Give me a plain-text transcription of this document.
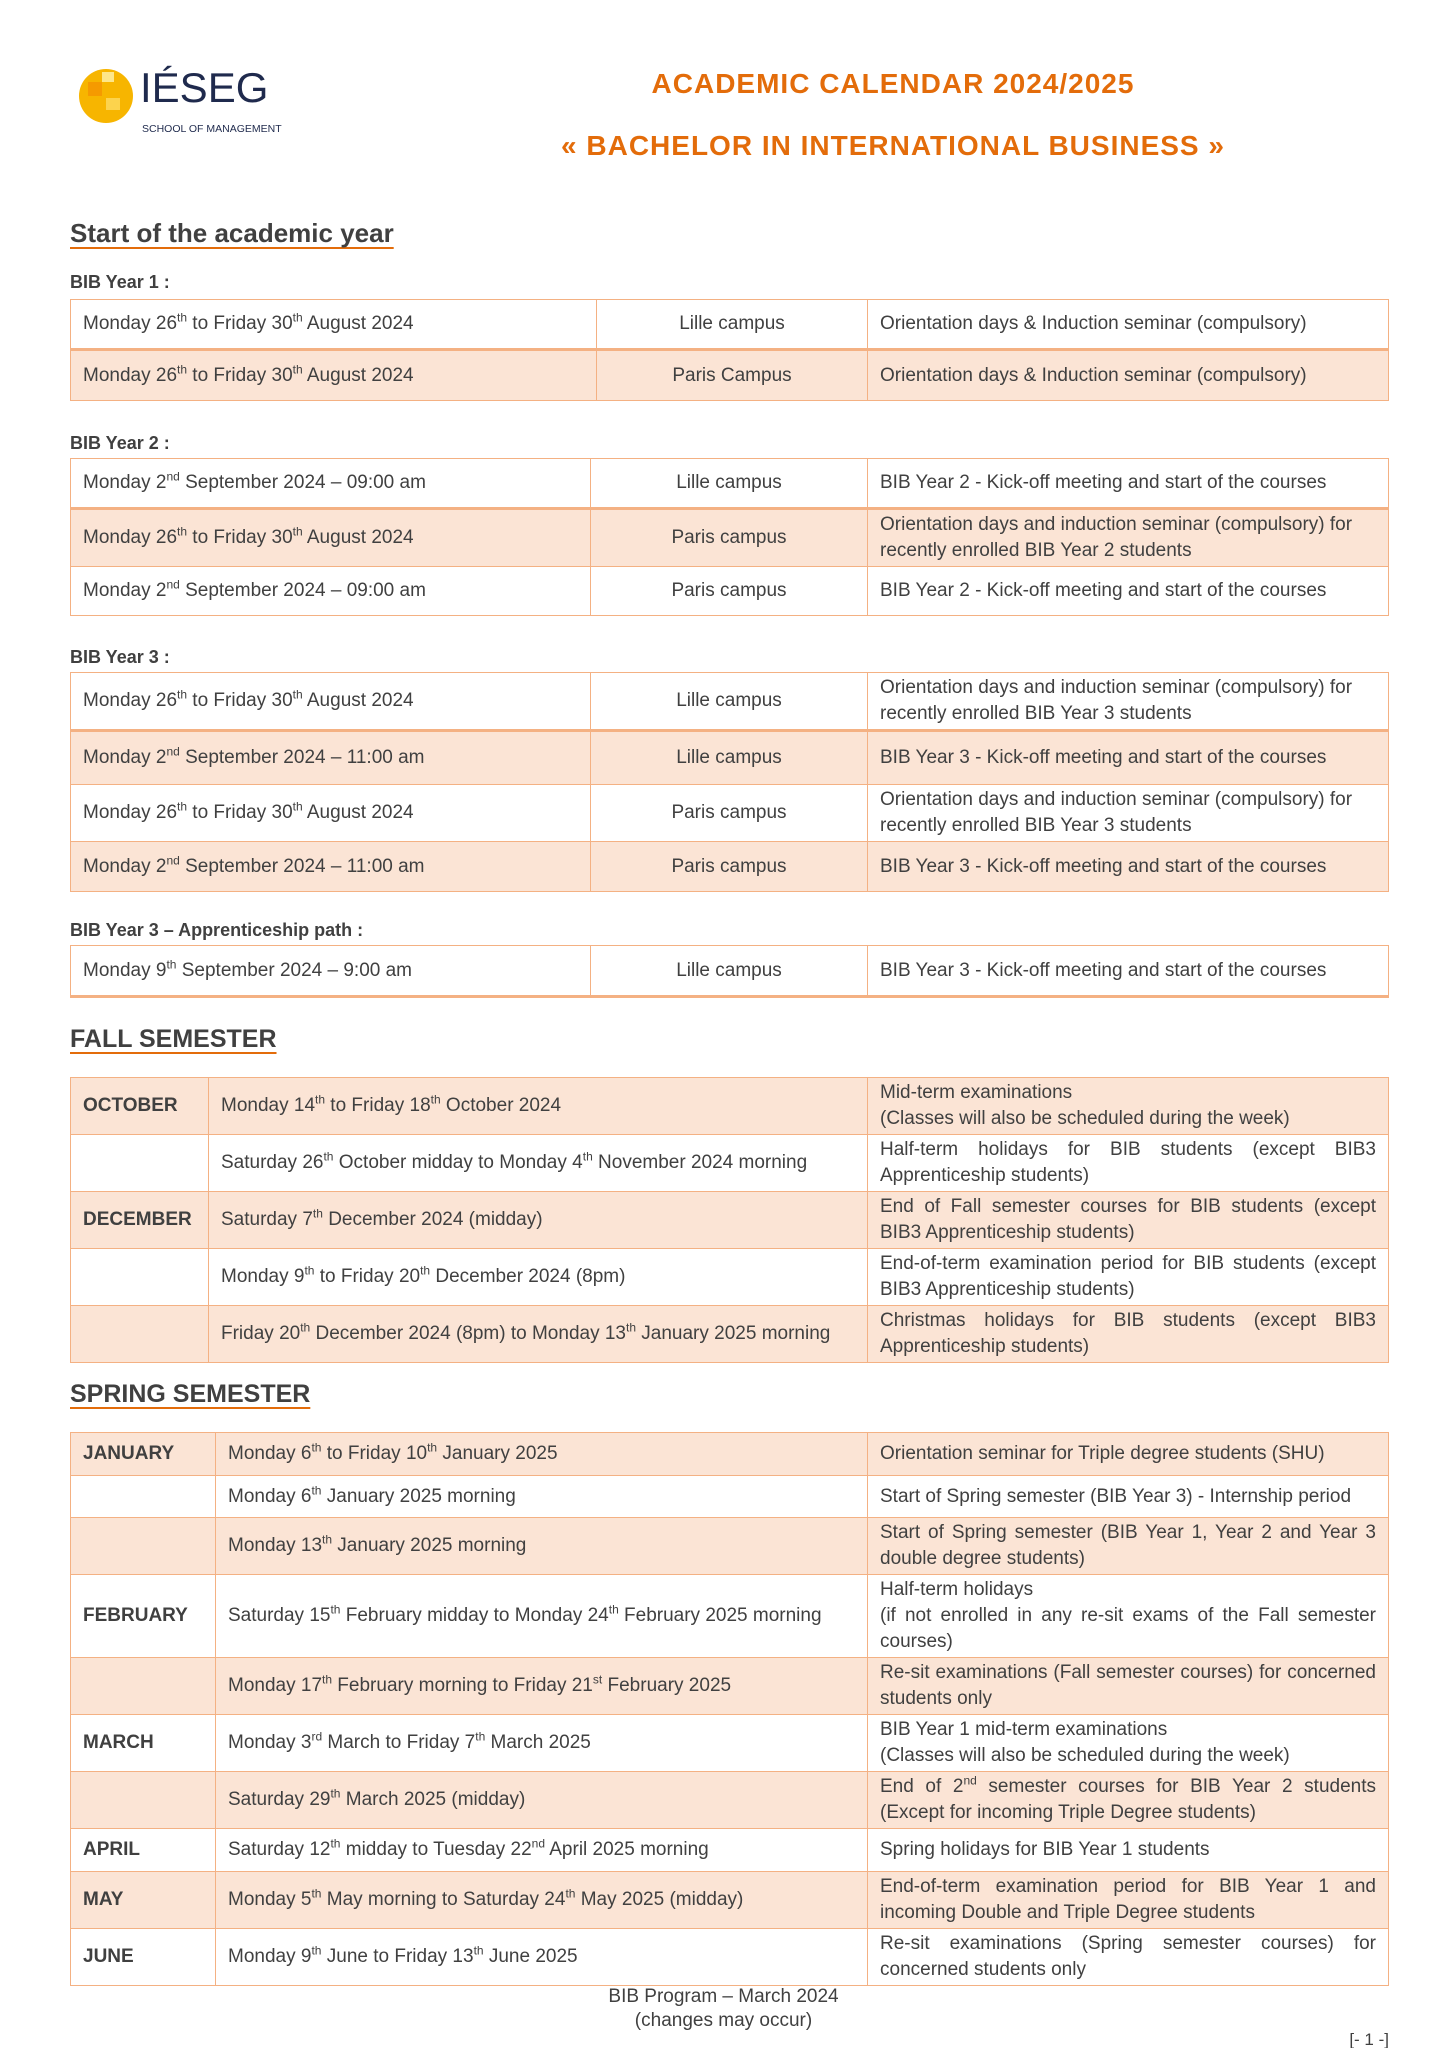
IÉSEG
SCHOOL OF MANAGEMENT
ACADEMIC CALENDAR 2024/2025
« BACHELOR IN INTERNATIONAL BUSINESS »
Start of the academic year
BIB Year 1 :
Monday 26th to Friday 30th August 2024	Lille campus	Orientation days & Induction seminar (compulsory)
Monday 26th to Friday 30th August 2024	Paris Campus	Orientation days & Induction seminar (compulsory)
BIB Year 2 :
Monday 2nd September 2024 – 09:00 am	Lille campus	BIB Year 2 - Kick-off meeting and start of the courses
Monday 26th to Friday 30th August 2024	Paris campus	Orientation days and induction seminar (compulsory) for recently enrolled BIB Year 2 students
Monday 2nd September 2024 – 09:00 am	Paris campus	BIB Year 2 - Kick-off meeting and start of the courses
BIB Year 3 :
Monday 26th to Friday 30th August 2024	Lille campus	Orientation days and induction seminar (compulsory) for recently enrolled BIB Year 3 students
Monday 2nd September 2024 – 11:00 am	Lille campus	BIB Year 3 - Kick-off meeting and start of the courses
Monday 26th to Friday 30th August 2024	Paris campus	Orientation days and induction seminar (compulsory) for recently enrolled BIB Year 3 students
Monday 2nd September 2024 – 11:00 am	Paris campus	BIB Year 3 - Kick-off meeting and start of the courses
BIB Year 3 – Apprenticeship path :
Monday 9th September 2024 – 9:00 am	Lille campus	BIB Year 3 - Kick-off meeting and start of the courses
FALL SEMESTER
OCTOBER	Monday 14th to Friday 18th October 2024	Mid-term examinations
(Classes will also be scheduled during the week)
	Saturday 26th October midday to Monday 4th November 2024 morning	Half-term holidays for BIB students (except BIB3 Apprenticeship students)
DECEMBER	Saturday 7th December 2024 (midday)	End of Fall semester courses for BIB students (except BIB3 Apprenticeship students)
	Monday 9th to Friday 20th December 2024 (8pm)	End-of-term examination period for BIB students (except BIB3 Apprenticeship students)
	Friday 20th December 2024 (8pm) to Monday 13th January 2025 morning	Christmas holidays for BIB students (except BIB3 Apprenticeship students)
SPRING SEMESTER
JANUARY	Monday 6th to Friday 10th January 2025	Orientation seminar for Triple degree students (SHU)
	Monday 6th January 2025 morning	Start of Spring semester (BIB Year 3) - Internship period
	Monday 13th January 2025 morning	Start of Spring semester (BIB Year 1, Year 2 and Year 3 double degree students)
FEBRUARY	Saturday 15th February midday to Monday 24th February 2025 morning	Half-term holidays
(if not enrolled in any re-sit exams of the Fall semester courses)
	Monday 17th February morning to Friday 21st February 2025	Re-sit examinations (Fall semester courses) for concerned students only
MARCH	Monday 3rd March to Friday 7th March 2025	BIB Year 1 mid-term examinations
(Classes will also be scheduled during the week)
	Saturday 29th March 2025 (midday)	End of 2nd semester courses for BIB Year 2 students (Except for incoming Triple Degree students)
APRIL	Saturday 12th midday to Tuesday 22nd April 2025 morning	Spring holidays for BIB Year 1 students
MAY	Monday 5th May morning to Saturday 24th May 2025 (midday)	End-of-term examination period for BIB Year 1 and incoming Double and Triple Degree students
JUNE	Monday 9th June to Friday 13th June 2025	Re-sit examinations (Spring semester courses) for concerned students only
BIB Program – March 2024
(changes may occur)
[- 1 -]
